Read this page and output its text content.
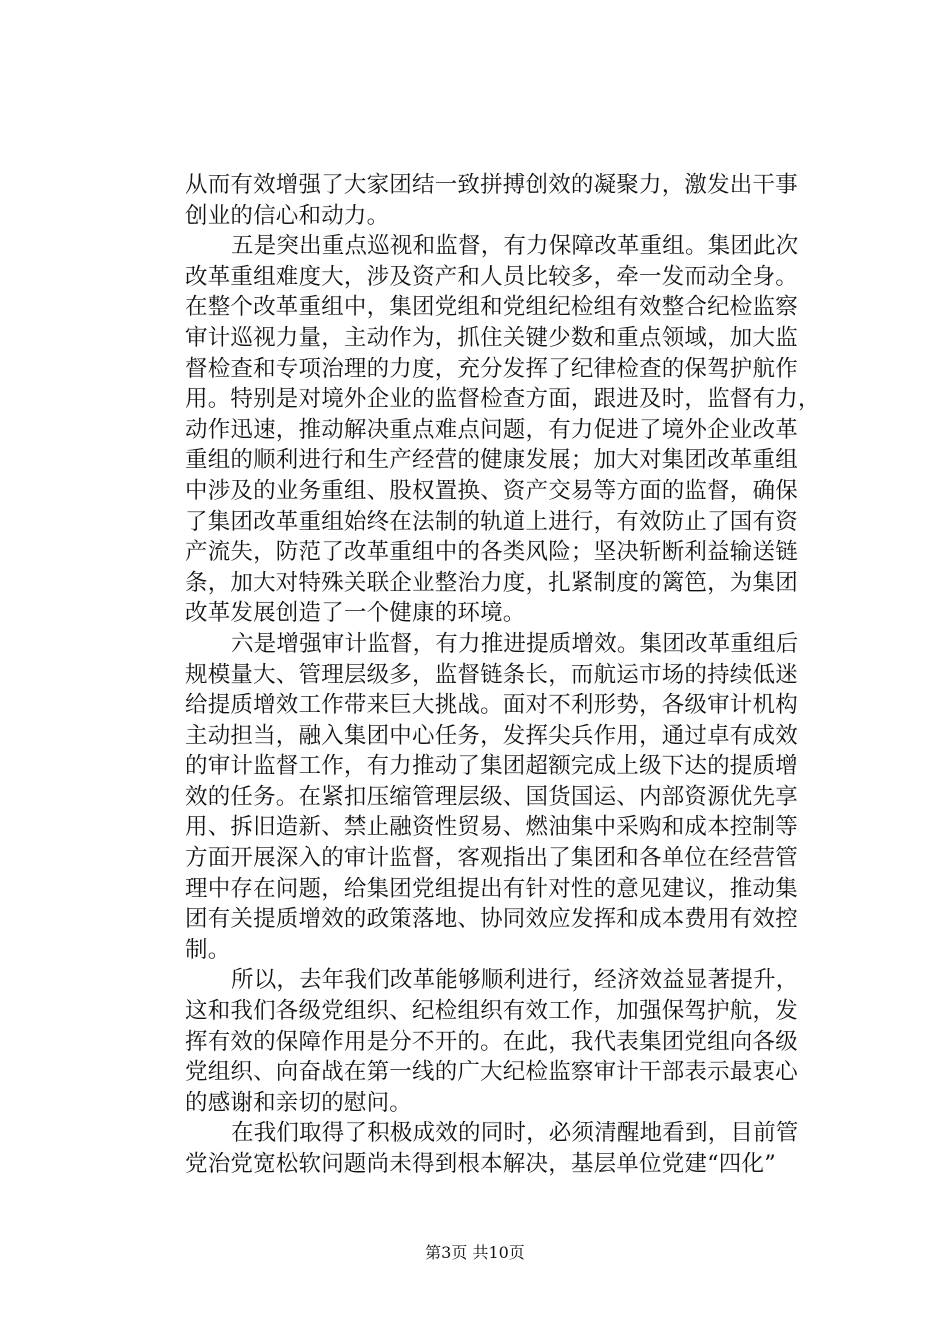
从而有效增强了大家团结一致拼搏创效的凝聚力，激发出干事
创业的信心和动力。
五是突出重点巡视和监督，有力保障改革重组。集团此次
改革重组难度大，涉及资产和人员比较多，牵一发而动全身。
在整个改革重组中，集团党组和党组纪检组有效整合纪检监察
审计巡视力量，主动作为，抓住关键少数和重点领域，加大监
督检查和专项治理的力度，充分发挥了纪律检查的保驾护航作
用。特别是对境外企业的监督检查方面，跟进及时，监督有力，
动作迅速，推动解决重点难点问题，有力促进了境外企业改革
重组的顺利进行和生产经营的健康发展；加大对集团改革重组
中涉及的业务重组、股权置换、资产交易等方面的监督，确保
了集团改革重组始终在法制的轨道上进行，有效防止了国有资
产流失，防范了改革重组中的各类风险；坚决斩断利益输送链
条，加大对特殊关联企业整治力度，扎紧制度的篱笆，为集团
改革发展创造了一个健康的环境。
六是增强审计监督，有力推进提质增效。集团改革重组后
规模量大、管理层级多，监督链条长，而航运市场的持续低迷
给提质增效工作带来巨大挑战。面对不利形势，各级审计机构
主动担当，融入集团中心任务，发挥尖兵作用，通过卓有成效
的审计监督工作，有力推动了集团超额完成上级下达的提质增
效的任务。在紧扣压缩管理层级、国货国运、内部资源优先享
用、拆旧造新、禁止融资性贸易、燃油集中采购和成本控制等
方面开展深入的审计监督，客观指出了集团和各单位在经营管
理中存在问题，给集团党组提出有针对性的意见建议，推动集
团有关提质增效的政策落地、协同效应发挥和成本费用有效控
制。
所以，去年我们改革能够顺利进行，经济效益显著提升，
这和我们各级党组织、纪检组织有效工作，加强保驾护航，发
挥有效的保障作用是分不开的。在此，我代表集团党组向各级
党组织、向奋战在第一线的广大纪检监察审计干部表示最衷心
的感谢和亲切的慰问。
在我们取得了积极成效的同时，必须清醒地看到，目前管
党治党宽松软问题尚未得到根本解决，基层单位党建“四化”
第3页 共10页
